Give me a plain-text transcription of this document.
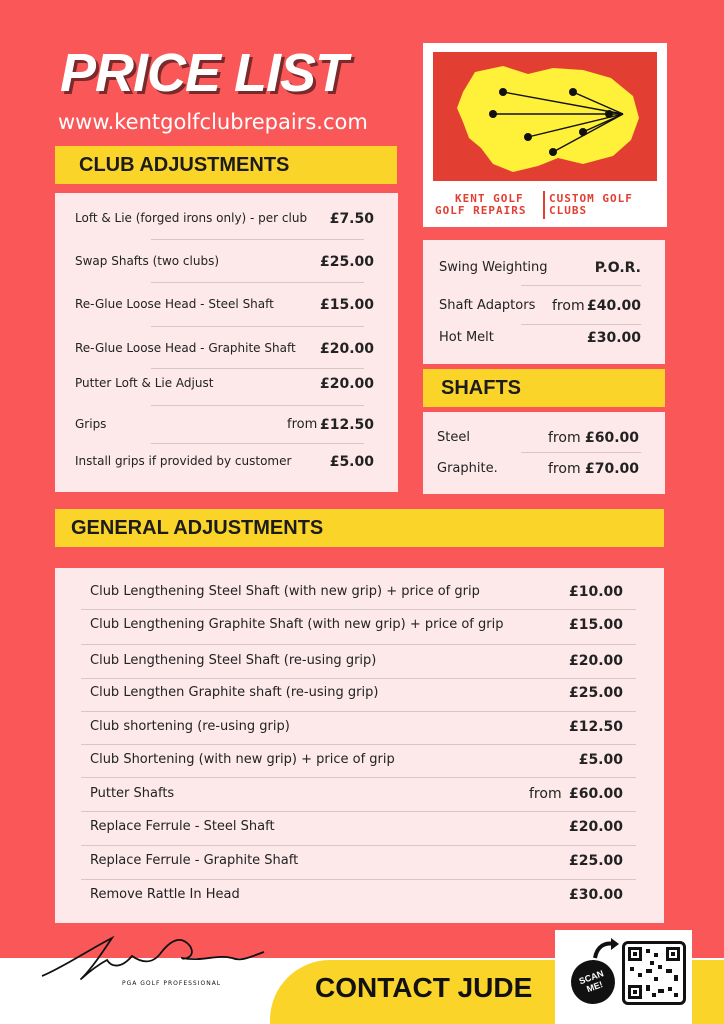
PRICE LIST
www.kentgolfclubrepairs.com
KENT GOLF
GOLF REPAIRS
CUSTOM GOLF
CLUBS
CLUB ADJUSTMENTS
Loft & Lie (forged irons only) - per club £7.50
Swap Shafts (two clubs)	£25.00
Re-Glue Loose Head - Steel Shaft	£15.00
Re-Glue Loose Head - Graphite Shaft £20.00
Putter Loft & Lie Adjust	£20.00
Grips	from £12.50
Install grips if provided by customer	£5.00
Swing Weighting	P.O.R.
Shaft Adaptors from £40.00
Hot Melt	£30.00
SHAFTS
Steel	from £60.00
Graphite.	from £70.00
GENERAL ADJUSTMENTS
Club Lengthening Steel Shaft (with new grip) + price of grip	£10.00
Club Lengthening Graphite Shaft (with new grip) + price of grip	£15.00
Club Lengthening Steel Shaft (re-using grip)	£20.00
Club Lengthen Graphite shaft (re-using grip)	£25.00
Club shortening (re-using grip)	£12.50
Club Shortening (with new grip) + price of grip	£5.00
Putter Shafts	from £60.00
Replace Ferrule - Steel Shaft	£20.00
Replace Ferrule - Graphite Shaft	£25.00
Remove Rattle In Head	£30.00
PGA GOLF PROFESSIONAL	CONTACT JUDE	SCAN ME!
